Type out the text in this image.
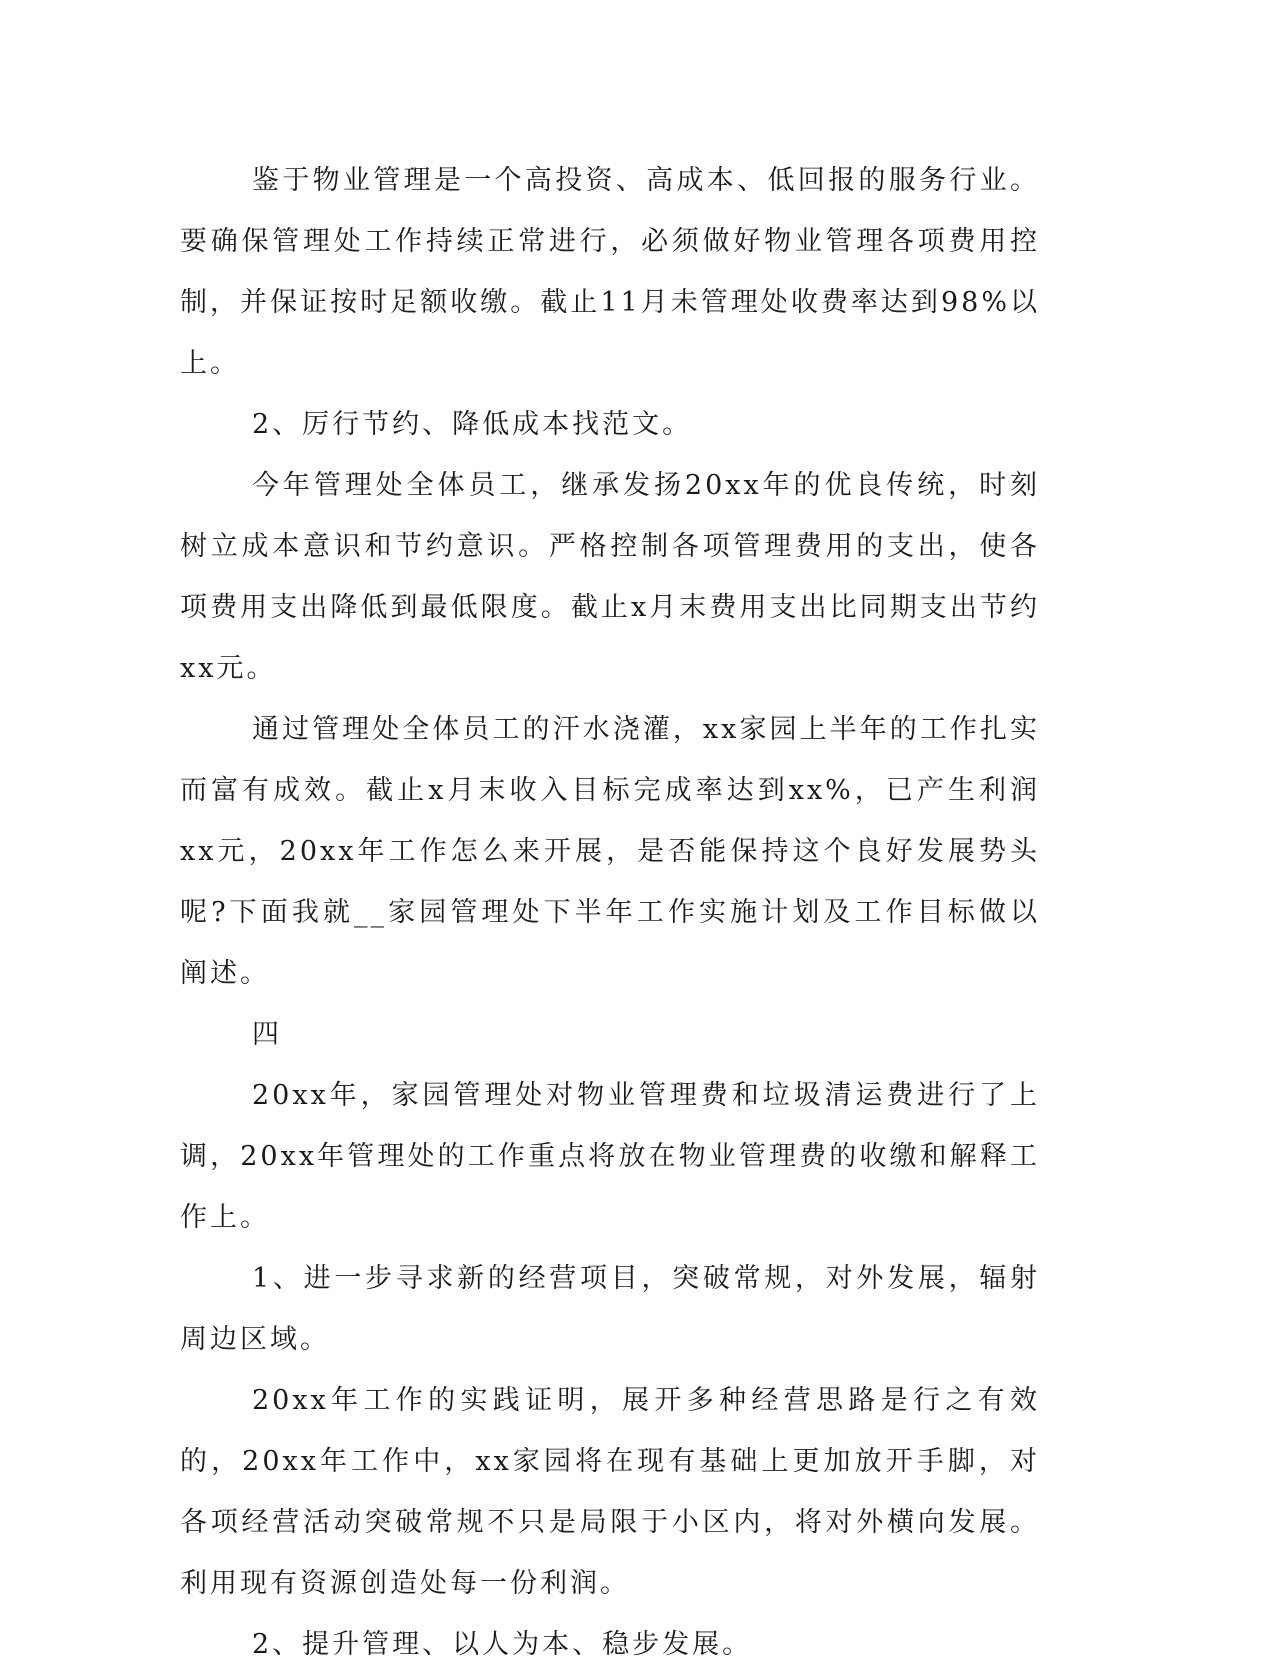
鉴于物业管理是一个高投资、高成本、低回报的服务行业。要确保管理处工作持续正常进行，必须做好物业管理各项费用控制，并保证按时足额收缴。截止11月未管理处收费率达到98%以上。

2、厉行节约、降低成本找范文。

今年管理处全体员工，继承发扬20xx年的优良传统，时刻树立成本意识和节约意识。严格控制各项管理费用的支出，使各项费用支出降低到最低限度。截止x月末费用支出比同期支出节约xx元。

通过管理处全体员工的汗水浇灌，xx家园上半年的工作扎实而富有成效。截止x月末收入目标完成率达到xx%，已产生利润xx元，20xx年工作怎么来开展，是否能保持这个良好发展势头呢?下面我就__家园管理处下半年工作实施计划及工作目标做以阐述。

四

20xx年，家园管理处对物业管理费和垃圾清运费进行了上调，20xx年管理处的工作重点将放在物业管理费的收缴和解释工作上。

1、进一步寻求新的经营项目，突破常规，对外发展，辐射周边区域。

20xx年工作的实践证明，展开多种经营思路是行之有效的，20xx年工作中，xx家园将在现有基础上更加放开手脚，对各项经营活动突破常规不只是局限于小区内，将对外横向发展。利用现有资源创造处每一份利润。

2、提升管理、以人为本、稳步发展。
